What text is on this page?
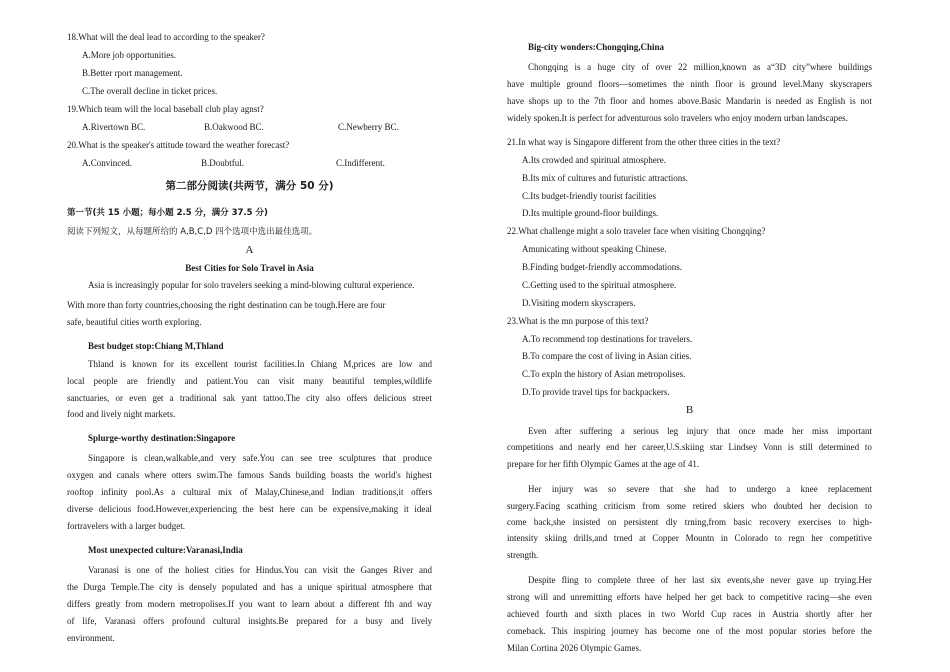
18.What will the deal lead to according to the speaker?
A.More job opportunities.
B.Better rport management.
C.The overall decline in ticket prices.
19.Which team will the local baseball club play agnst?
A.Rivertown BC.	B.Oakwood BC.	C.Newberry BC.
20.What is the speaker's attitude toward the weather forecast?
A.Convinced.	B.Doubtful.	C.Indifferent.
第二部分阅读(共两节，满分 50 分)
第一节(共 15 小题；每小题 2.5 分，满分 37.5 分)
阅读下列短文，从每题所给的 A,B,C,D 四个选项中选出最佳选项。
A
Best Cities for Solo Travel in Asia
Asia is increasingly popular for solo travelers seeking a mind-blowing cultural experience.
With more than forty countries,choosing the right destination can be tough.Here are four
safe, beautiful cities worth exploring.
Best budget stop:Chiang M,Thland
Thland is known for its excellent tourist facilities.In Chiang M,prices are low and
local people are friendly and patient.You can visit many beautiful temples,wildlife
sanctuaries, or even get a traditional sak yant tattoo.The city also offers delicious street
food and lively night markets.
Splurge-worthy destination:Singapore
Singapore is clean,walkable,and very safe.You can see tree sculptures that produce
oxygen and canals where otters swim.The famous Sands building boasts the world's highest
rooftop infinity pool.As a cultural mix of Malay,Chinese,and Indian traditions,it offers
diverse delicious food.However,experiencing the best here can be expensive,making it ideal
fortravelers with a larger budget.
Most unexpected culture:Varanasi,India
Varanasi is one of the holiest cities for Hindus.You can visit the Ganges River and
the Durga Temple.The city is densely populated and has a unique spiritual atmosphere that
differs greatly from modern metropolises.If you want to learn about a different fth and way
of life, Varanasi offers profound cultural insights.Be prepared for a busy and lively
environment.
Big-city wonders:Chongqing,China
Chongqing is a huge city of over 22 million,known as a“3D city”where buildings
have multiple ground floors—sometimes the ninth floor is ground level.Many skyscrapers
have shops up to the 7th floor and homes above.Basic Mandarin is needed as English is not
widely spoken.It is perfect for adventurous solo travelers who enjoy modern urban landscapes.
21.In what way is Singapore different from the other three cities in the text?
A.Its crowded and spiritual atmosphere.
B.Its mix of cultures and futuristic attractions.
C.Its budget-friendly tourist facilities
D.Its multiple ground-floor buildings.
22.What challenge might a solo traveler face when visiting Chongqing?
Amunicating without speaking Chinese.
B.Finding budget-friendly accommodations.
C.Getting used to the spiritual atmosphere.
D.Visiting modern skyscrapers.
23.What is the mn purpose of this text?
A.To recommend top destinations for travelers.
B.To compare the cost of living in Asian cities.
C.To expln the history of Asian metropolises.
D.To provide travel tips for backpackers.
B
Even after suffering a serious leg injury that once made her miss important
competitions and nearly end her career,U.S.skiing star Lindsey Vonn is still determined to
prepare for her fifth Olympic Games at the age of 41.
Her injury was so severe that she had to undergo a knee replacement
surgery.Facing scathing criticism from some retired skiers who doubted her decision to
come back,she insisted on persistent dly trning,from basic recovery exercises to high-
intensity skiing drills,and trned at Copper Mountn in Colorado to regn her competitive
strength.
Despite fling to complete three of her last six events,she never gave up trying.Her
strong will and unremitting efforts have helped her get back to competitive racing—she even
achieved fourth and sixth places in two World Cup races in Austria shortly after her
comeback. This inspiring journey has become one of the most popular stories before the
Milan Cortina 2026 Olympic Games.
